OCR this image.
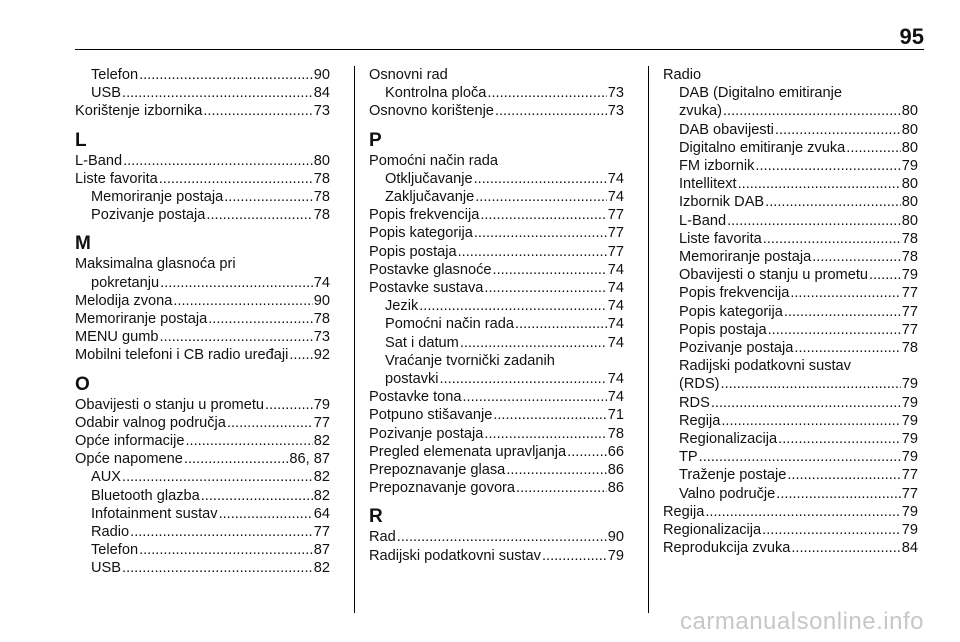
95
Telefon .....	90
USB .....	84
Korištenje izbornika .....	73
L
L-Band .....	80
Liste favorita .....	78
Memoriranje postaja .....	78
Pozivanje postaja .....	78
M
Maksimalna glasnoća pri
pokretanju .....	74
Melodija zvona .....	90
Memoriranje postaja .....	78
MENU gumb .....	73
Mobilni telefoni i CB radio uređaji ..... 92
O
Obavijesti o stanju u prometu .....	79
Odabir valnog područja .....	77
Opće informacije .....	82
Opće napomene .....	86, 87
AUX .....	82
Bluetooth glazba .....	82
Infotainment sustav .....	64
Radio .....	77
Telefon .....	87
USB .....	82
Osnovni rad
Kontrolna ploča .....	73
Osnovno korištenje .....	73
P
Pomoćni način rada
Otključavanje .....	74
Zaključavanje .....	74
Popis frekvencija .....	77
Popis kategorija .....	77
Popis postaja .....	77
Postavke glasnoće .....	74
Postavke sustava .....	74
Jezik .....	74
Pomoćni način rada .....	74
Sat i datum .....	74
Vraćanje tvornički zadanih
postavki .....	74
Postavke tona .....	74
Potpuno stišavanje .....	71
Pozivanje postaja .....	78
Pregled elemenata upravljanja .....	66
Prepoznavanje glasa .....	86
Prepoznavanje govora .....	86
R
Rad .....	90
Radijski podatkovni sustav .....	79
Radio
DAB (Digitalno emitiranje
zvuka) .....	80
DAB obavijesti .....	80
Digitalno emitiranje zvuka .....	80
FM izbornik .....	79
Intellitext .....	80
Izbornik DAB .....	80
L-Band .....	80
Liste favorita .....	78
Memoriranje postaja .....	78
Obavijesti o stanju u prometu ..... 79
Popis frekvencija .....	77
Popis kategorija .....	77
Popis postaja .....	77
Pozivanje postaja .....	78
Radijski podatkovni sustav
(RDS) .....	79
RDS .....	79
Regija .....	79
Regionalizacija .....	79
TP .....	79
Traženje postaje .....	77
Valno područje .....	77
Regija .....	79
Regionalizacija .....	79
Reprodukcija zvuka .....	84
carmanualsonline.info
